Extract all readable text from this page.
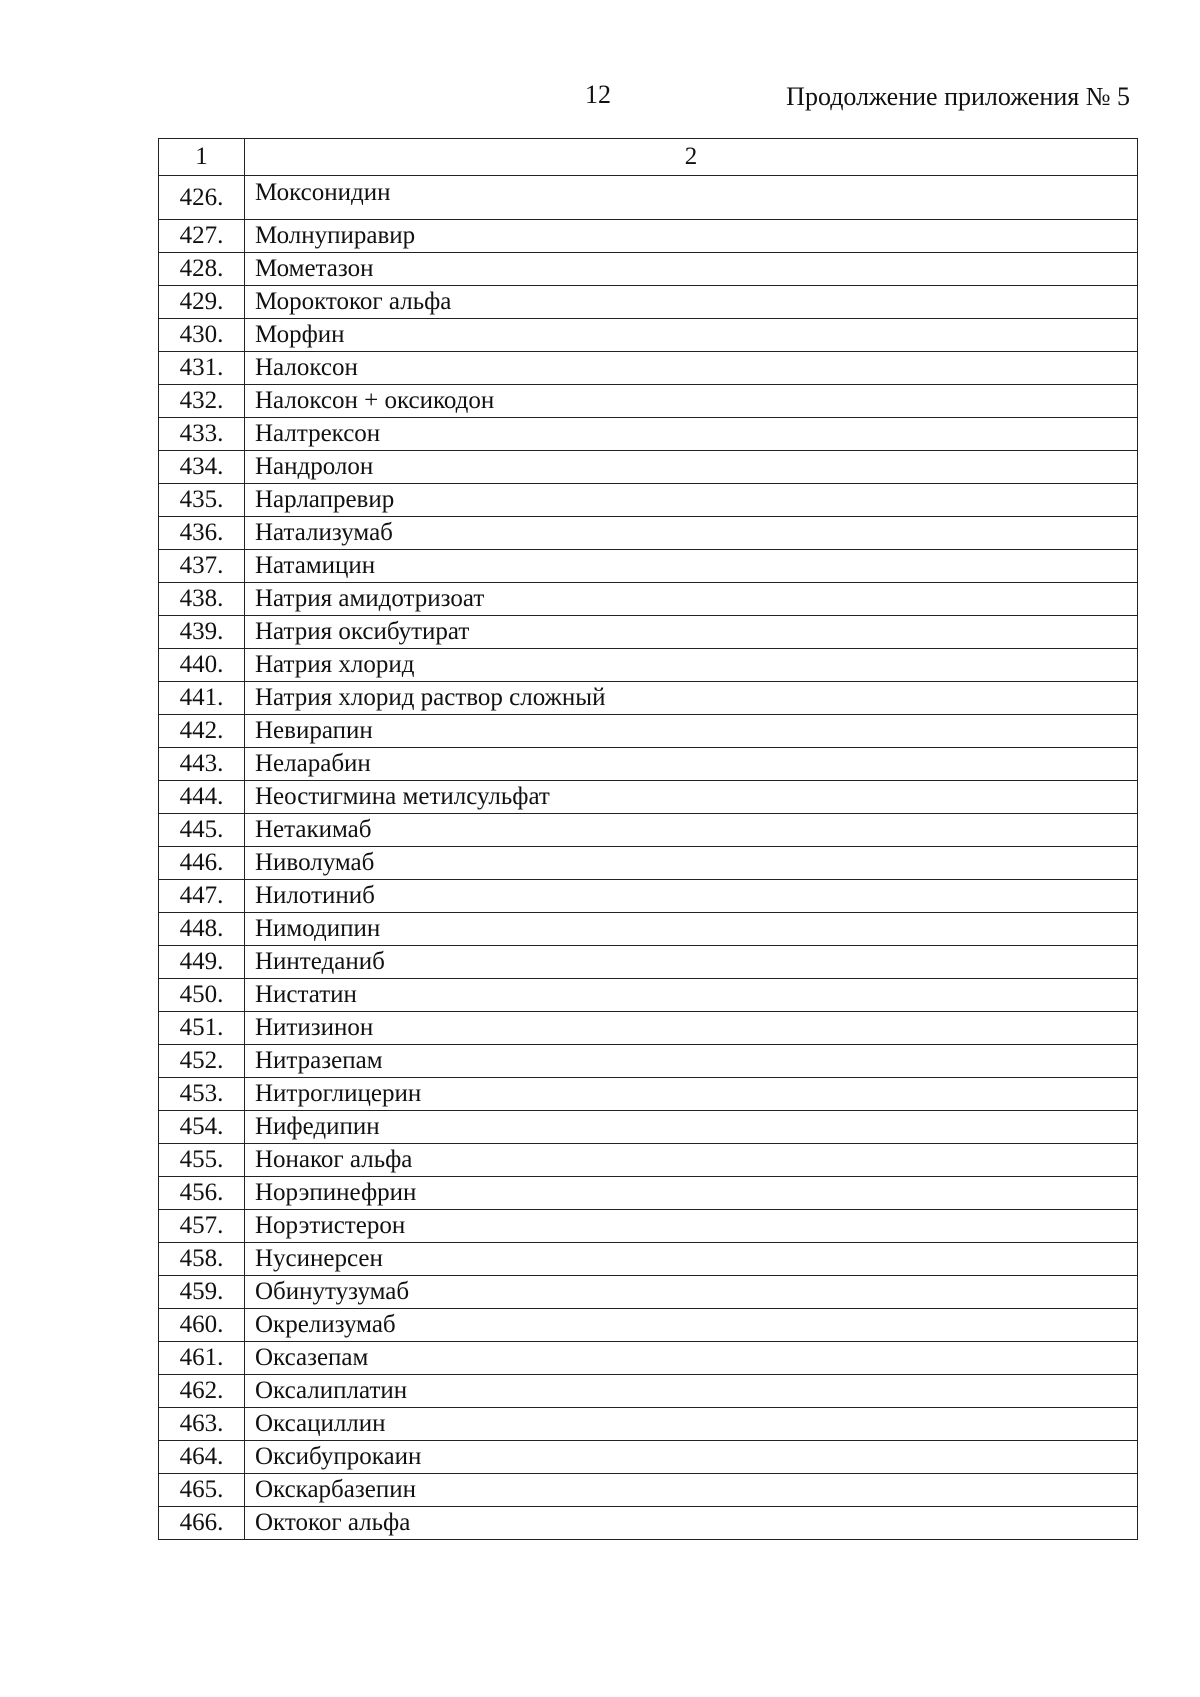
12	Продолжение приложения № 5
1	2
426.	Моксонидин
427.	Молнупиравир
428.	Мометазон
429.	Мороктоког альфа
430.	Морфин
431.	Налоксон
432.	Налоксон + оксикодон
433.	Налтрексон
434.	Нандролон
435.	Нарлапревир
436.	Натализумаб
437.	Натамицин
438.	Натрия амидотризоат
439.	Натрия оксибутират
440.	Натрия хлорид
441.	Натрия хлорид раствор сложный
442.	Невирапин
443.	Неларабин
444.	Неостигмина метилсульфат
445.	Нетакимаб
446.	Ниволумаб
447.	Нилотиниб
448.	Нимодипин
449.	Нинтеданиб
450.	Нистатин
451.	Нитизинон
452.	Нитразепам
453.	Нитроглицерин
454.	Нифедипин
455.	Нонаког альфа
456.	Норэпинефрин
457.	Норэтистерон
458.	Нусинерсен
459.	Обинутузумаб
460.	Окрелизумаб
461.	Оксазепам
462.	Оксалиплатин
463.	Оксациллин
464.	Оксибупрокаин
465.	Окскарбазепин
466.	Октоког альфа
